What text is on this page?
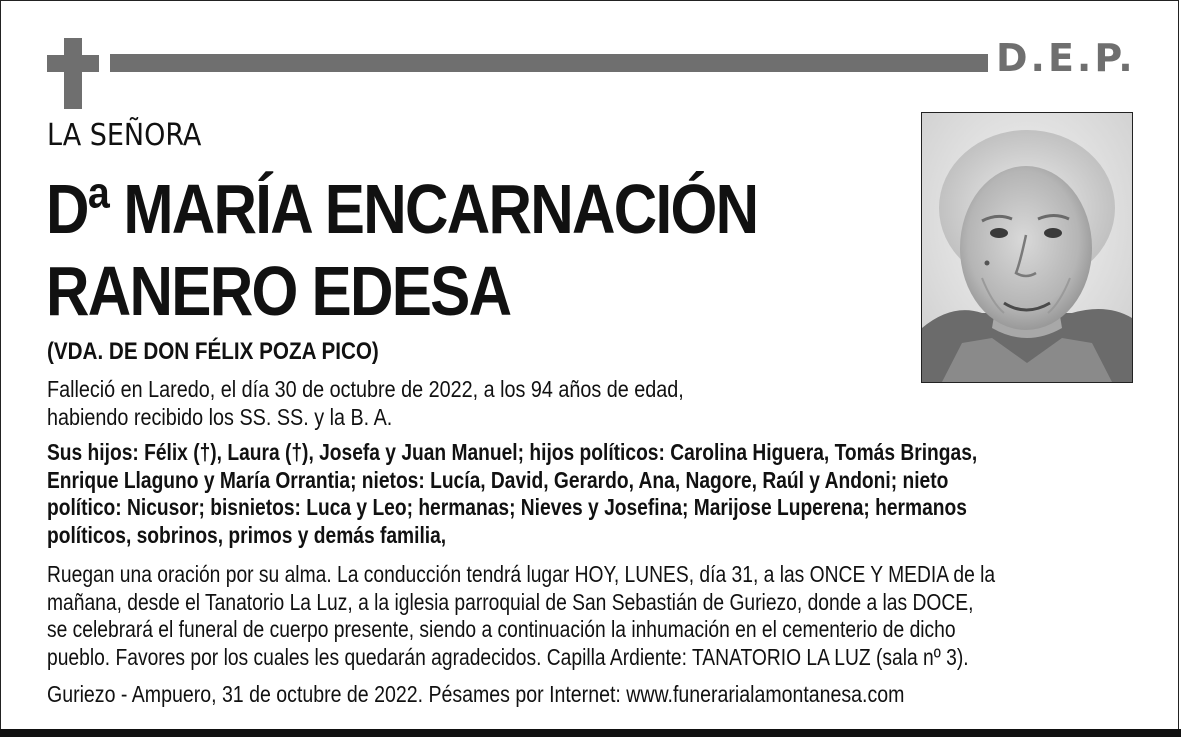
D.E.P.
LA SEÑORA
Dª MARÍA ENCARNACIÓN
RANERO EDESA
(VDA. DE DON FÉLIX POZA PICO)
Falleció en Laredo, el día 30 de octubre de 2022, a los 94 años de edad,
habiendo recibido los SS. SS. y la B. A.
Sus hijos: Félix (†), Laura (†), Josefa y Juan Manuel; hijos políticos: Carolina Higuera, Tomás Bringas,
Enrique Llaguno y María Orrantia; nietos: Lucía, David, Gerardo, Ana, Nagore, Raúl y Andoni; nieto
político: Nicusor; bisnietos: Luca y Leo; hermanas; Nieves y Josefina; Marijose Luperena; hermanos
políticos, sobrinos, primos y demás familia,
Ruegan una oración por su alma. La conducción tendrá lugar HOY, LUNES, día 31, a las ONCE Y MEDIA de la
mañana, desde el Tanatorio La Luz, a la iglesia parroquial de San Sebastián de Guriezo, donde a las DOCE,
se celebrará el funeral de cuerpo presente, siendo a continuación la inhumación en el cementerio de dicho
pueblo. Favores por los cuales les quedarán agradecidos. Capilla Ardiente: TANATORIO LA LUZ (sala nº 3).
Guriezo - Ampuero, 31 de octubre de 2022. Pésames por Internet: www.funerarialamontanesa.com
